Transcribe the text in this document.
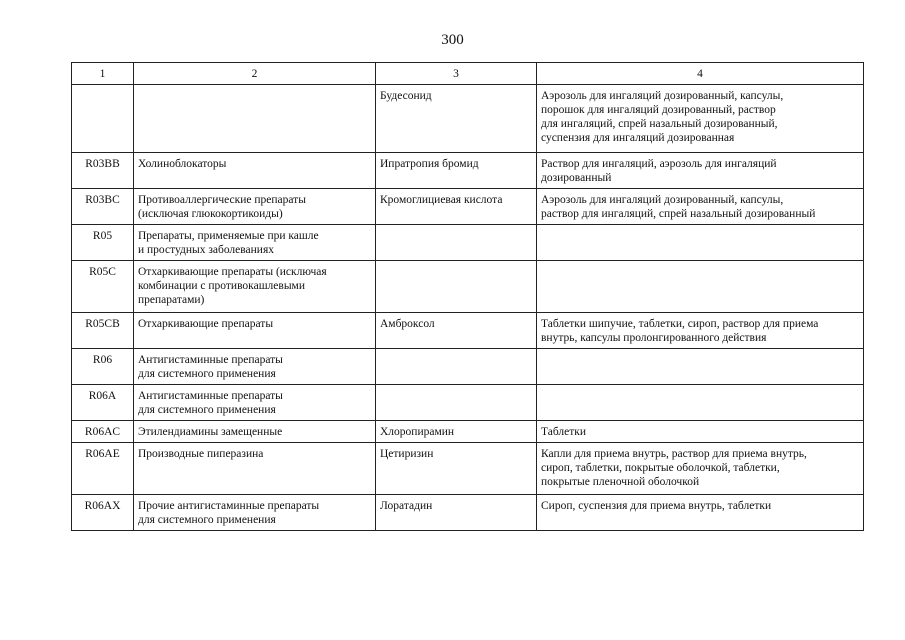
300
1	2	3	4
		Будесонид	Аэрозоль для ингаляций дозированный, капсулы,
порошок для ингаляций дозированный, раствор
для ингаляций, спрей назальный дозированный,
суспензия для ингаляций дозированная
R03BB	Холиноблокаторы	Ипратропия бромид	Раствор для ингаляций, аэрозоль для ингаляций
дозированный
R03BC	Противоаллергические препараты
(исключая глюкокортикоиды)	Кромоглициевая кислота	Аэрозоль для ингаляций дозированный, капсулы,
раствор для ингаляций, спрей назальный дозированный
R05	Препараты, применяемые при кашле
и простудных заболеваниях		
R05C	Отхаркивающие препараты (исключая
комбинации с противокашлевыми
препаратами)		
R05CB	Отхаркивающие препараты	Амброксол	Таблетки шипучие, таблетки, сироп, раствор для приема
внутрь, капсулы пролонгированного действия
R06	Антигистаминные препараты
для системного применения		
R06A	Антигистаминные препараты
для системного применения		
R06AC	Этилендиамины замещенные	Хлоропирамин	Таблетки
R06AE	Производные пиперазина	Цетиризин	Капли для приема внутрь, раствор для приема внутрь,
сироп, таблетки, покрытые оболочкой, таблетки,
покрытые пленочной оболочкой
R06AX	Прочие антигистаминные препараты
для системного применения	Лоратадин	Сироп, суспензия для приема внутрь, таблетки
